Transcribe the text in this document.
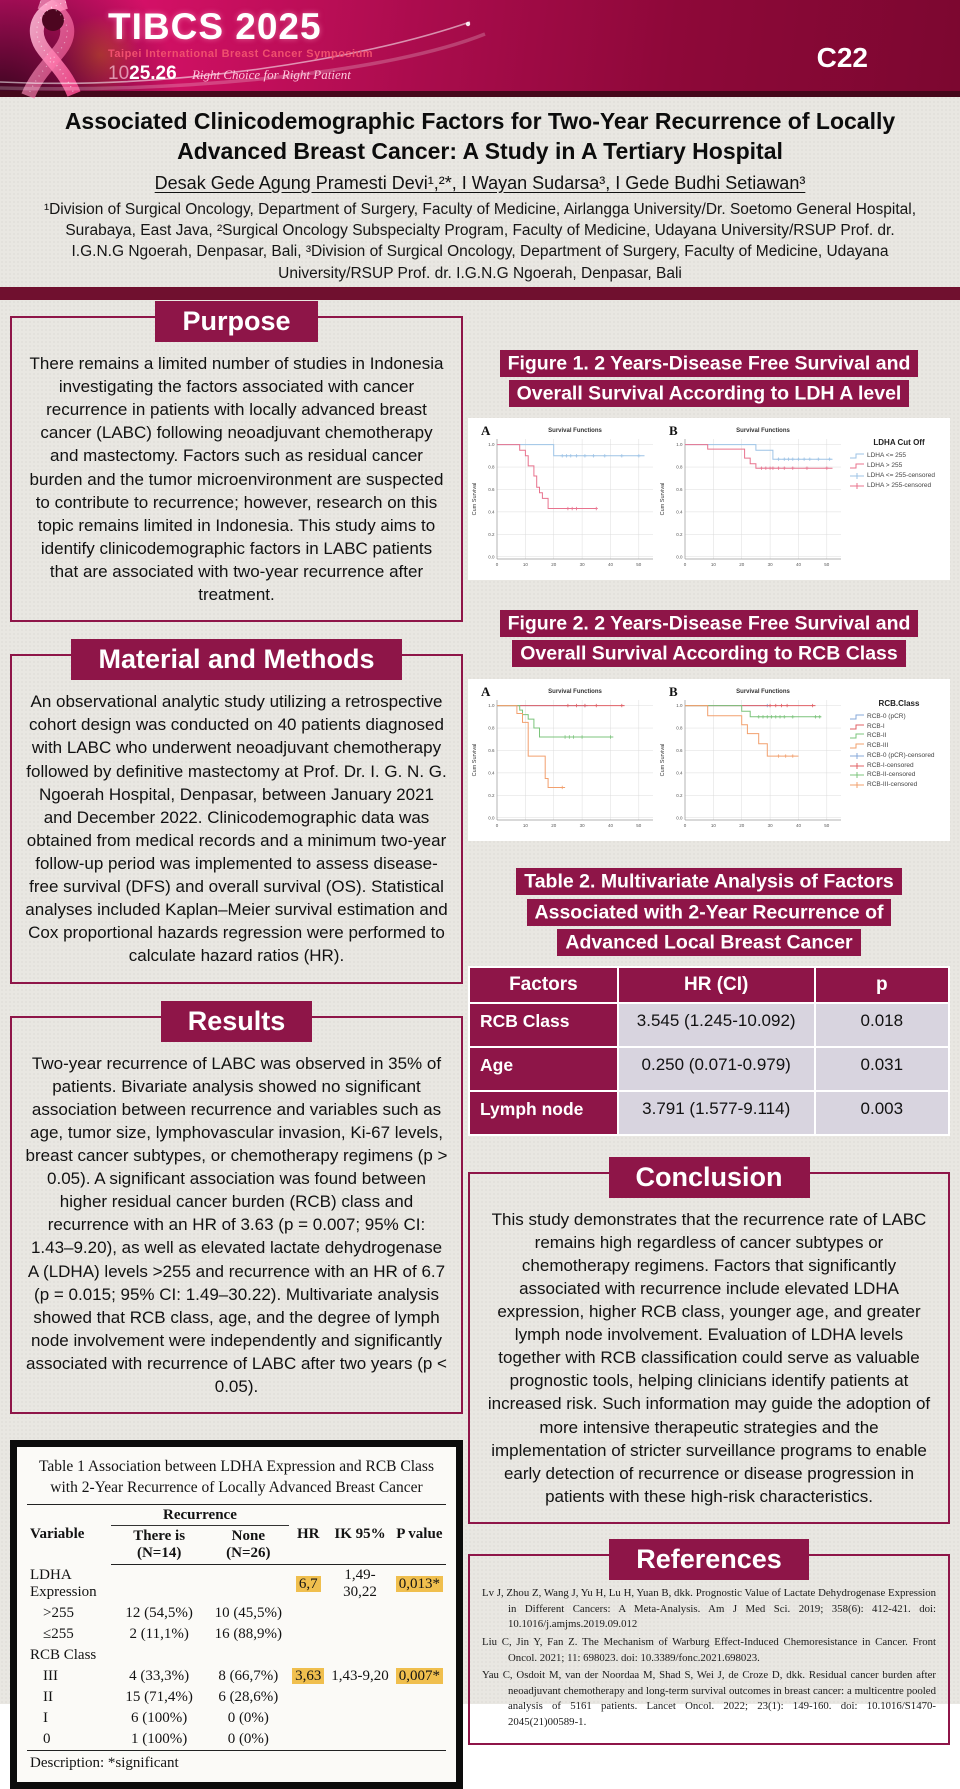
TIBCS 2025
Taipei International Breast Cancer Symposium
1025.26 Right Choice for Right Patient
C22
Associated Clinicodemographic Factors for Two-Year Recurrence of Locally Advanced Breast Cancer: A Study in A Tertiary Hospital
Desak Gede Agung Pramesti Devi¹,²*, I Wayan Sudarsa³, I Gede Budhi Setiawan³
¹Division of Surgical Oncology, Department of Surgery, Faculty of Medicine, Airlangga University/Dr. Soetomo General Hospital, Surabaya, East Java, ²Surgical Oncology Subspecialty Program, Faculty of Medicine, Udayana University/RSUP Prof. dr. I.G.N.G Ngoerah, Denpasar, Bali, ³Division of Surgical Oncology, Department of Surgery, Faculty of Medicine, Udayana University/RSUP Prof. dr. I.G.N.G Ngoerah, Denpasar, Bali
Purpose

There remains a limited number of studies in Indonesia investigating the factors associated with cancer recurrence in patients with locally advanced breast cancer (LABC) following neoadjuvant chemotherapy and mastectomy. Factors such as residual cancer burden and the tumor microenvironment are suspected to contribute to recurrence; however, research on this topic remains limited in Indonesia. This study aims to identify clinicodemographic factors in LABC patients that are associated with two-year recurrence after treatment.

Material and Methods

An observational analytic study utilizing a retrospective cohort design was conducted on 40 patients diagnosed with LABC who underwent neoadjuvant chemotherapy followed by definitive mastectomy at Prof. Dr. I. G. N. G. Ngoerah Hospital, Denpasar, between January 2021 and December 2022. Clinicodemographic data was obtained from medical records and a minimum two-year follow-up period was implemented to assess disease-free survival (DFS) and overall survival (OS). Statistical analyses included Kaplan–Meier survival estimation and Cox proportional hazards regression were performed to calculate hazard ratios (HR).

Results

Two-year recurrence of LABC was observed in 35% of patients. Bivariate analysis showed no significant association between recurrence and variables such as age, tumor size, lymphovascular invasion, Ki-67 levels, breast cancer subtypes, or chemotherapy regimens (p > 0.05). A significant association was found between higher residual cancer burden (RCB) class and recurrence with an HR of 3.63 (p = 0.007; 95% CI: 1.43–9.20), as well as elevated lactate dehydrogenase A (LDHA) levels >255 and recurrence with an HR of 6.7 (p = 0.015; 95% CI: 1.49–30.22). Multivariate analysis showed that RCB class, age, and the degree of lymph node involvement were independently and significantly associated with recurrence of LABC after two years (p < 0.05).

Table 1 Association between LDHA Expression and RCB Class with 2-Year Recurrence of Locally Advanced Breast Cancer
Variable	Recurrence		HR	IK 95%	P value
	There is (N=14)	None (N=26)			
LDHA Expression			6,7	1,49-30,22	0,013*
>255	12 (54,5%)	10 (45,5%)			
≤255	2 (11,1%)	16 (88,9%)			
RCB Class					
III	4 (33,3%)	8 (66,7%)	3,63	1,43-9,20	0,007*
II	15 (71,4%)	6 (28,6%)			
I	6 (100%)	0 (0%)			
0	1 (100%)	0 (0%)			
Description: *significant					
Figure 1. 2 Years-Disease Free Survival and Overall Survival According to LDH A level
0	10	20	30	40	50
0.0
0.2
0.4
0.6
0.8
1.0
Survival Functions
Cum Survival
A
0	10	20	30	40	50
0.0
0.2
0.4
0.6
0.8
1.0
Survival Functions
Cum Survival
B
LDHA Cut Off
LDHA <= 255
LDHA > 255
LDHA <= 255-censored
LDHA > 255-censored
Figure 2. 2 Years-Disease Free Survival and Overall Survival According to RCB Class
0	10	20	30	40	50
0.0
0.2
0.4
0.6
0.8
1.0
Survival Functions
Cum Survival
A
0	10	20	30	40	50
0.0
0.2
0.4
0.6
0.8
1.0
Survival Functions
Cum Survival
B
RCB.Class
RCB-0 (pCR)
RCB-I
RCB-II
RCB-III
RCB-0 (pCR)-censored
RCB-I-censored
RCB-II-censored
RCB-III-censored
Table 2. Multivariate Analysis of Factors Associated with 2-Year Recurrence of Advanced Local Breast Cancer
Factors	HR (CI)	p
RCB Class	3.545 (1.245-10.092)	0.018
Age	0.250 (0.071-0.979)	0.031
Lymph node	3.791 (1.577-9.114)	0.003
Conclusion

This study demonstrates that the recurrence rate of LABC remains high regardless of cancer subtypes or chemotherapy regimens. Factors that significantly associated with recurrence include elevated LDHA expression, higher RCB class, younger age, and greater lymph node involvement. Evaluation of LDHA levels together with RCB classification could serve as valuable prognostic tools, helping clinicians identify patients at increased risk. Such information may guide the adoption of more intensive therapeutic strategies and the implementation of stricter surveillance programs to enable early detection of recurrence or disease progression in patients with these high-risk characteristics.

References

Lv J, Zhou Z, Wang J, Yu H, Lu H, Yuan B, dkk. Prognostic Value of Lactate Dehydrogenase Expression in Different Cancers: A Meta-Analysis. Am J Med Sci. 2019; 358(6): 412-421. doi: 10.1016/j.amjms.2019.09.012

Liu C, Jin Y, Fan Z. The Mechanism of Warburg Effect-Induced Chemoresistance in Cancer. Front Oncol. 2021; 11: 698023. doi: 10.3389/fonc.2021.698023.

Yau C, Osdoit M, van der Noordaa M, Shad S, Wei J, de Croze D, dkk. Residual cancer burden after neoadjuvant chemotherapy and long-term survival outcomes in breast cancer: a multicentre pooled analysis of 5161 patients. Lancet Oncol. 2022; 23(1): 149-160. doi: 10.1016/S1470- 2045(21)00589-1.
